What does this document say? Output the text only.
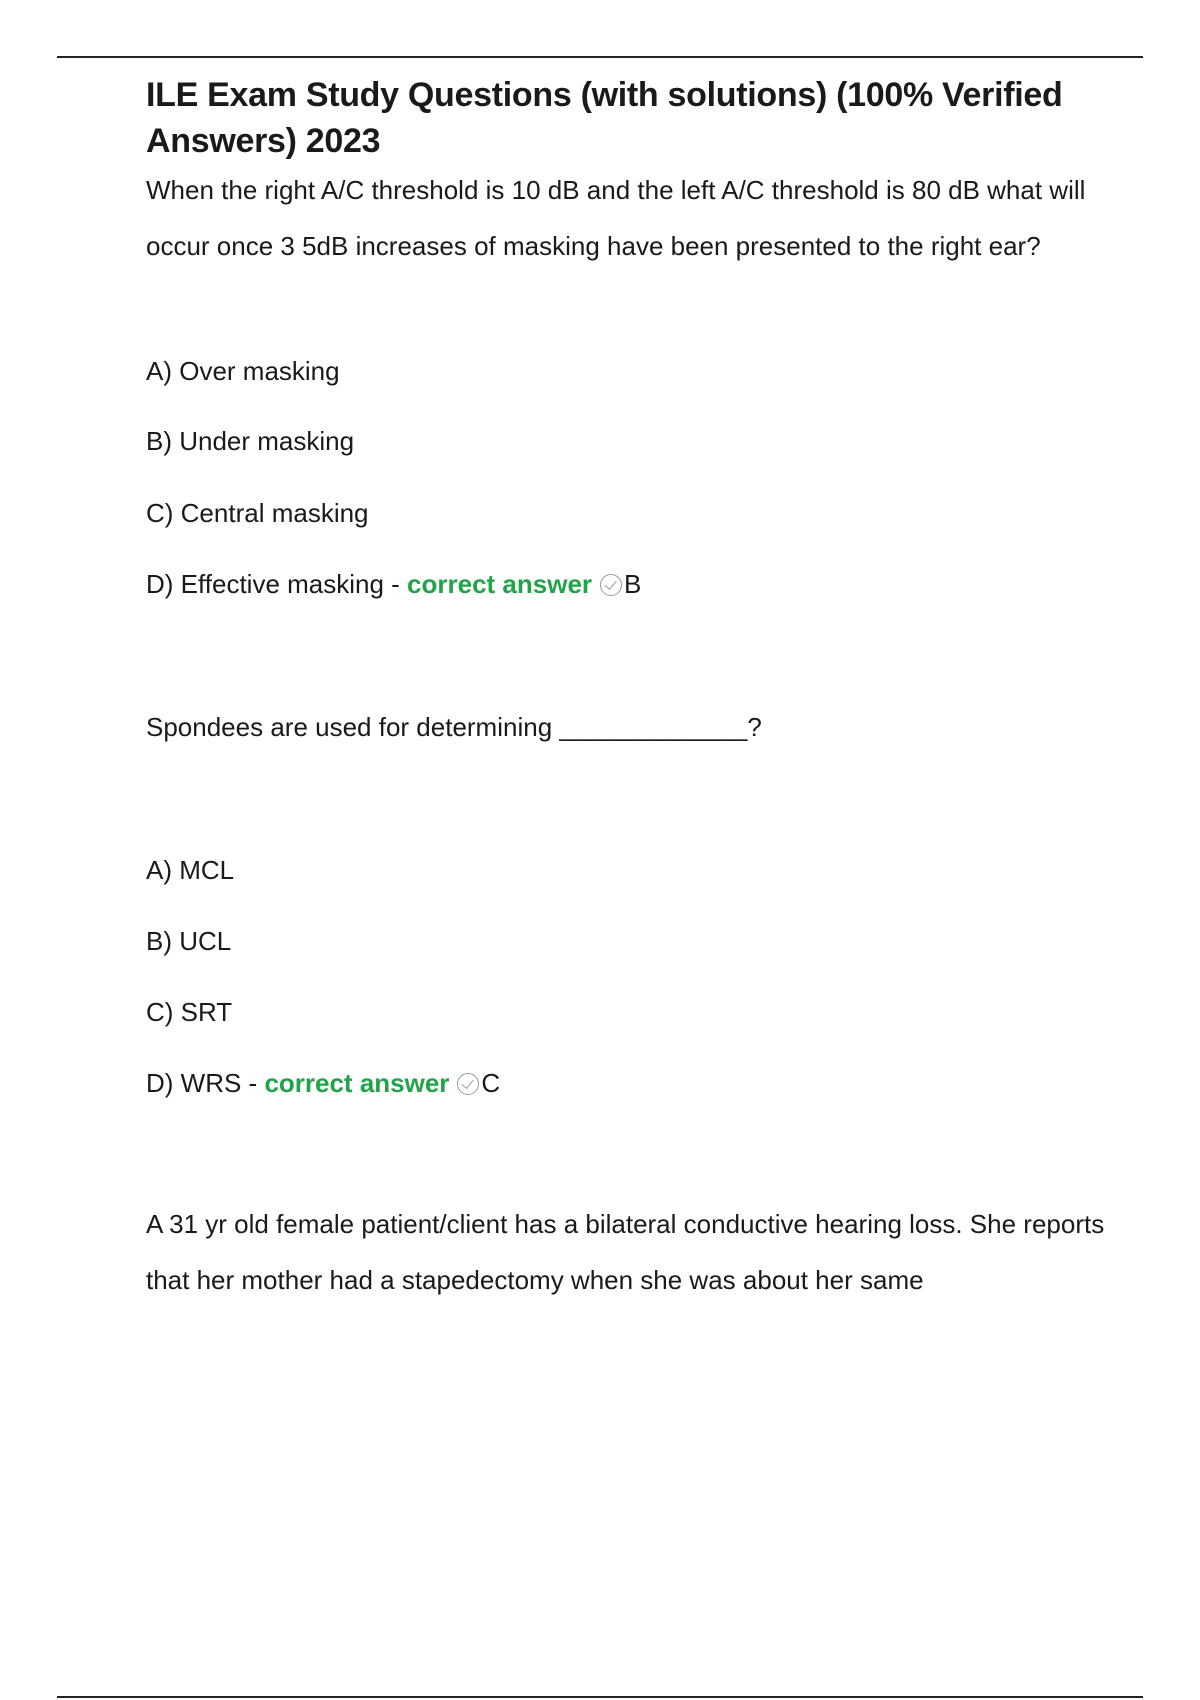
ILE Exam Study Questions (with solutions) (100% Verified Answers) 2023

When the right A/C threshold is 10 dB and the left A/C threshold is 80 dB what will occur once 3 5dB increases of masking have been presented to the right ear?

A) Over masking

B) Under masking

C) Central masking

D) Effective masking - correct answer B

Spondees are used for determining _____________?

A) MCL

B) UCL

C) SRT

D) WRS - correct answer C

A 31 yr old female patient/client has a bilateral conductive hearing loss. She reports that her mother had a stapedectomy when she was about her same
